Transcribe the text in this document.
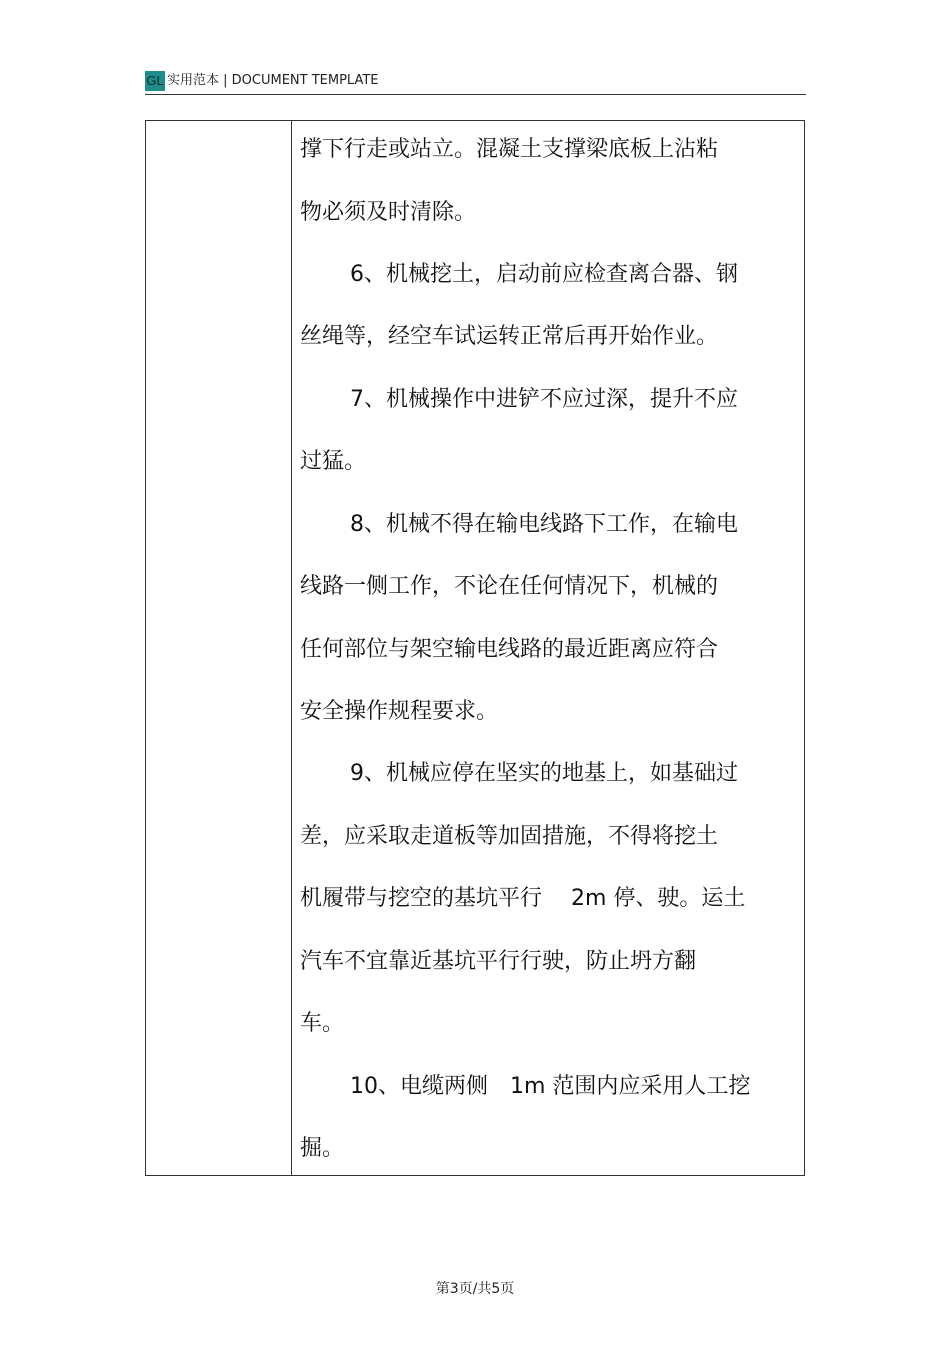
GL 实用范本 | DOCUMENT TEMPLATE
撑下行走或站立。混凝土支撑梁底板上沾粘
物必须及时清除。
6、机械挖土，启动前应检查离合器、钢
丝绳等，经空车试运转正常后再开始作业。
7、机械操作中进铲不应过深，提升不应
过猛。
8、机械不得在输电线路下工作，在输电
线路一侧工作，不论在任何情况下，机械的
任何部位与架空输电线路的最近距离应符合
安全操作规程要求。
9、机械应停在坚实的地基上，如基础过
差，应采取走道板等加固措施，不得将挖土
机履带与挖空的基坑平行　 2m 停、驶。运土
汽车不宜靠近基坑平行行驶，防止坍方翻
车。
10、电缆两侧　1m 范围内应采用人工挖
掘。
第3页/共5页
